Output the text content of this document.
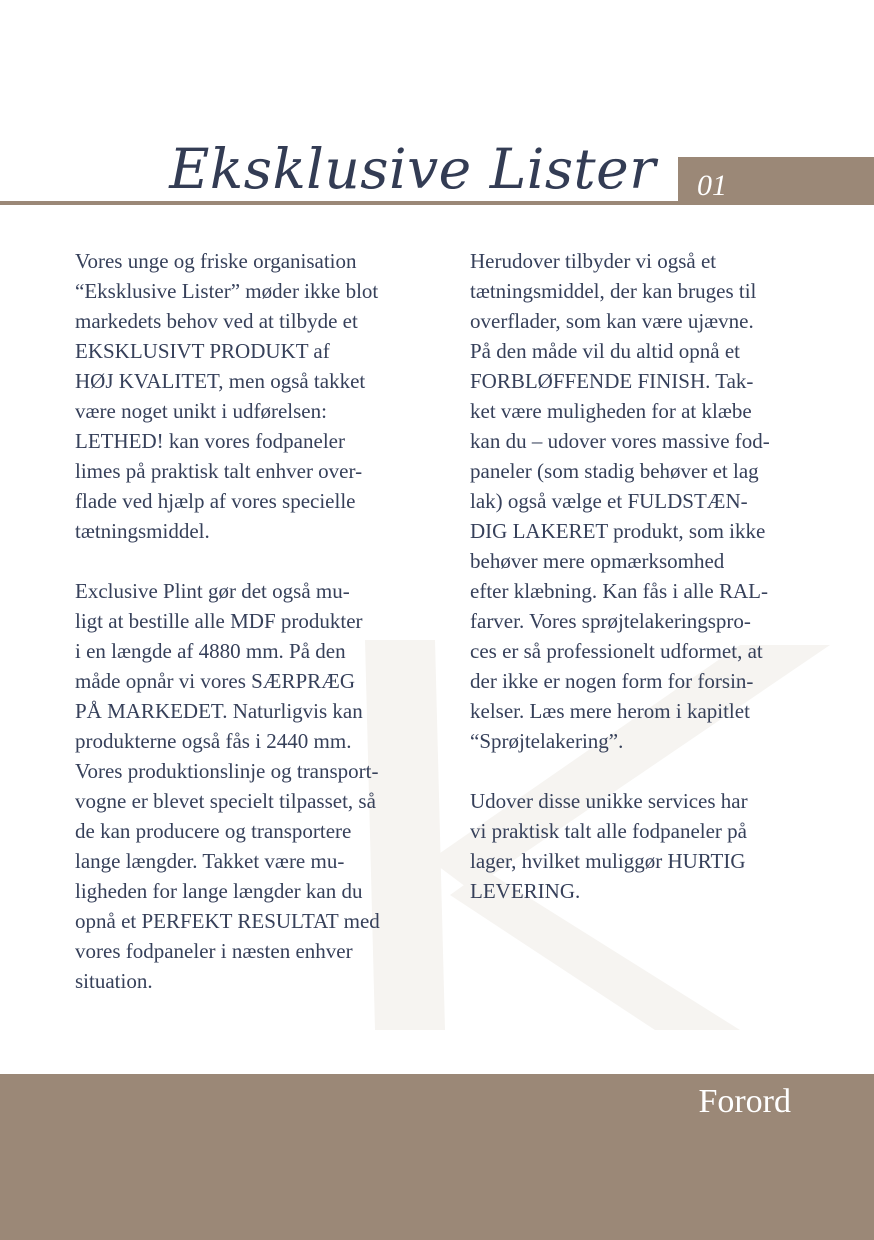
Eksklusive Lister 01
Vores unge og friske organisation
“Eksklusive Lister” møder ikke blot
markedets behov ved at tilbyde et
EKSKLUSIVT PRODUKT af
HØJ KVALITET, men også takket
være noget unikt i udførelsen:
LETHED! kan vores fodpaneler
limes på praktisk talt enhver over-
flade ved hjælp af vores specielle
tætningsmiddel.
Exclusive Plint gør det også mu-
ligt at bestille alle MDF produkter
i en længde af 4880 mm. På den
måde opnår vi vores SÆRPRÆG
PÅ MARKEDET. Naturligvis kan
produkterne også fås i 2440 mm.
Vores produktionslinje og transport-
vogne er blevet specielt tilpasset, så
de kan producere og transportere
lange længder. Takket være mu-
ligheden for lange længder kan du
opnå et PERFEKT RESULTAT med
vores fodpaneler i næsten enhver
situation.
Herudover tilbyder vi også et
tætningsmiddel, der kan bruges til
overflader, som kan være ujævne.
På den måde vil du altid opnå et
FORBLØFFENDE FINISH. Tak-
ket være muligheden for at klæbe
kan du – udover vores massive fod-
paneler (som stadig behøver et lag
lak) også vælge et FULDSTÆN-
DIG LAKERET produkt, som ikke
behøver mere opmærksomhed
efter klæbning. Kan fås i alle RAL-
farver. Vores sprøjtelakeringspro-
ces er så professionelt udformet, at
der ikke er nogen form for forsin-
kelser. Læs mere herom i kapitlet
“Sprøjtelakering”.
Udover disse unikke services har
vi praktisk talt alle fodpaneler på
lager, hvilket muliggør HURTIG
LEVERING.
Forord
